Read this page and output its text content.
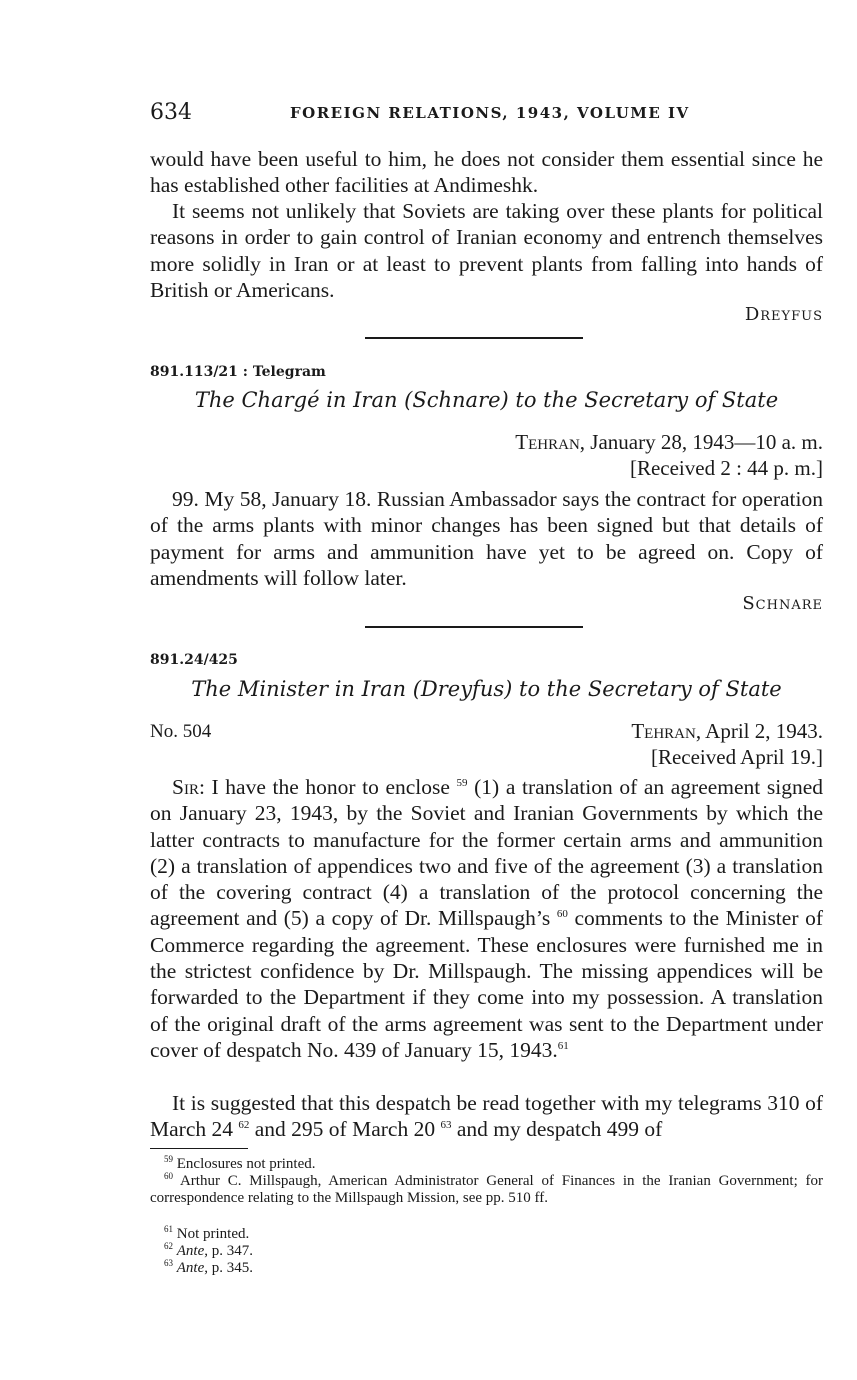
634	FOREIGN RELATIONS, 1943, VOLUME IV
would have been useful to him, he does not consider them essential since he has established other facilities at Andimeshk.
It seems not unlikely that Soviets are taking over these plants for political reasons in order to gain control of Iranian economy and entrench themselves more solidly in Iran or at least to prevent plants from falling into hands of British or Americans.
Dreyfus
891.113/21 : Telegram
The Chargé in Iran (Schnare) to the Secretary of State
Tehran, January 28, 1943—10 a. m.
[Received 2 : 44 p. m.]
99. My 58, January 18. Russian Ambassador says the contract for operation of the arms plants with minor changes has been signed but that details of payment for arms and ammunition have yet to be agreed on. Copy of amendments will follow later.
Schnare
891.24/425
The Minister in Iran (Dreyfus) to the Secretary of State
No. 504	Tehran, April 2, 1943.
[Received April 19.]
Sir: I have the honor to enclose $^{59}$ (1) a translation of an agreement signed on January 23, 1943, by the Soviet and Iranian Governments by which the latter contracts to manufacture for the former certain arms and ammunition (2) a translation of appendices two and five of the agreement (3) a translation of the covering contract (4) a translation of the protocol concerning the agreement and (5) a copy of Dr. Millspaugh’s $^{60}$ comments to the Minister of Commerce regarding the agreement. These enclosures were furnished me in the strictest confidence by Dr. Millspaugh. The missing appendices will be forwarded to the Department if they come into my possession. A translation of the original draft of the arms agreement was sent to the Department under cover of despatch No. 439 of January 15, 1943.61
It is suggested that this despatch be read together with my telegrams 310 of March 24 $^{62}$ and 295 of March 20 $^{63}$ and my despatch 499 of
$^{59}$ Enclosures not printed.
$^{60}$ Arthur C. Millspaugh, American Administrator General of Finances in the Iranian Government; for correspondence relating to the Millspaugh Mission, see pp. 510 ff.
$^{61}$ Not printed.
$^{62}$ Ante, p. 347.
$^{63}$ Ante, p. 345.
